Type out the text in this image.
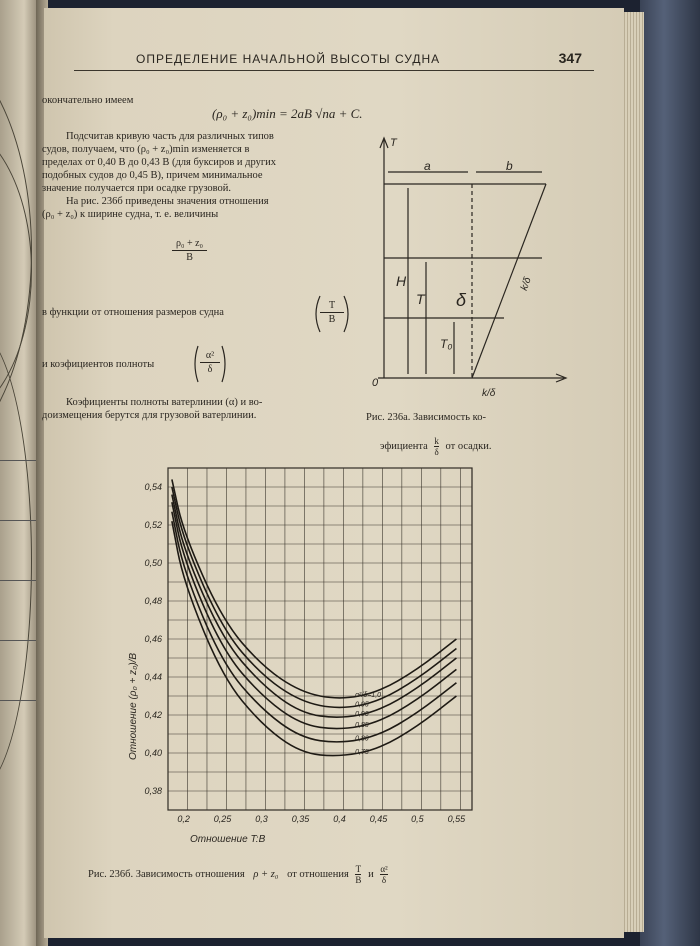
ОПРЕДЕЛЕНИЕ НАЧАЛЬНОЙ ВЫСОТЫ СУДНА	347
окончательно имеем
(ρ₀ + z₀)min = 2aB √na + C.
Подсчитав кривую часть для различных типов
судов, получаем, что (ρ₀ + z₀)min изменяется в
пределах от 0,40 B до 0,43 B (для буксиров и других
подобных судов до 0,45 B), причем минимальное
значение получается при осадке грузовой.
На рис. 236б приведены значения отношения
(ρ₀ + z₀) к ширине судна, т. е. величины
$\frac{\text{ρ₀ + z₀}}{B}$
в функции от отношения размеров судна	$\frac{T}{B}$
и коэфициентов полноты	$\frac{\text{α²}}{\delta}$
Коэфициенты полноты ватерлинии (α) и во-
доизмещения берутся для грузовой ватерлинии.
T
a	b
H
T δ
T₀
0
k/δ
k/δ
Рис. 236а. Зависимость ко-
эфициента $\frac{k}{\delta}$ от осадки.
0,38
0,40
0,42
0,44
0,46
0,48
0,50
0,52
0,54
0,2	0,25	0,3	0,35	0,4	0,45	0,5	0,55
α²/δ=1,0
0,95
0,90
0,85
0,80
0,75
Отношение (ρ₀ + z₀)/B
Отношение T:B
Рис. 236б. Зависимость отношения ρ + z₀ от отношения $\frac{T}{B}$ и $\frac{\text{α²}}{\delta}$
